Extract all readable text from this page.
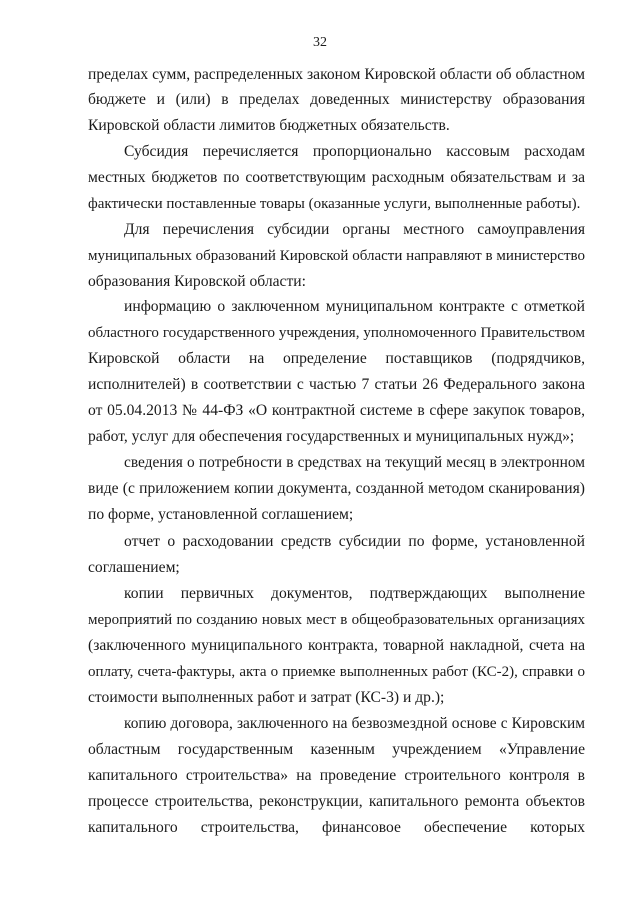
32
пределах сумм, распределенных законом Кировской области об областном
бюджете и (или) в пределах доведенных министерству образования
Кировской области лимитов бюджетных обязательств.
Субсидия перечисляется пропорционально кассовым расходам
местных бюджетов по соответствующим расходным обязательствам и за
фактически поставленные товары (оказанные услуги, выполненные работы).
Для перечисления субсидии органы местного самоуправления
муниципальных образований Кировской области направляют в министерство
образования Кировской области:
информацию о заключенном муниципальном контракте с отметкой
областного государственного учреждения, уполномоченного Правительством
Кировской области на определение поставщиков (подрядчиков,
исполнителей) в соответствии с частью 7 статьи 26 Федерального закона
от 05.04.2013 № 44-ФЗ «О контрактной системе в сфере закупок товаров,
работ, услуг для обеспечения государственных и муниципальных нужд»;
сведения о потребности в средствах на текущий месяц в электронном
виде (с приложением копии документа, созданной методом сканирования)
по форме, установленной соглашением;
отчет о расходовании средств субсидии по форме, установленной
соглашением;
копии первичных документов, подтверждающих выполнение
мероприятий по созданию новых мест в общеобразовательных организациях
(заключенного муниципального контракта, товарной накладной, счета на
оплату, счета-фактуры, акта о приемке выполненных работ (КС-2), справки о
стоимости выполненных работ и затрат (КС-3) и др.);
копию договора, заключенного на безвозмездной основе с Кировским
областным государственным казенным учреждением «Управление
капитального строительства» на проведение строительного контроля в
процессе строительства, реконструкции, капитального ремонта объектов
капитального строительства, финансовое обеспечение которых
